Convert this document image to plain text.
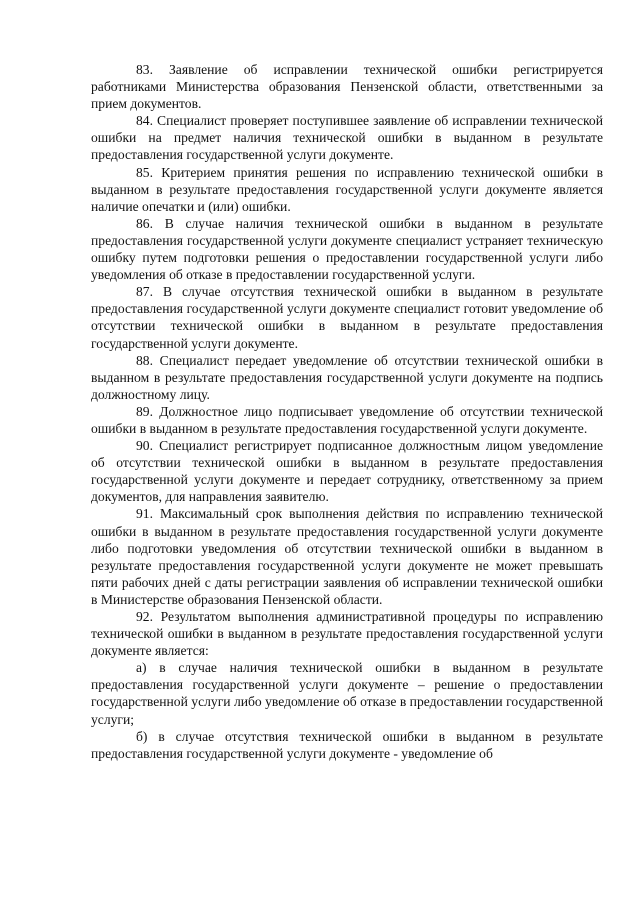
83. Заявление об исправлении технической ошибки регистрируется работниками Министерства образования Пензенской области, ответственными за прием документов.

84. Специалист проверяет поступившее заявление об исправлении технической ошибки на предмет наличия технической ошибки в выданном в результате предоставления государственной услуги документе.

85. Критерием принятия решения по исправлению технической ошибки в выданном в результате предоставления государственной услуги документе является наличие опечатки и (или) ошибки.

86. В случае наличия технической ошибки в выданном в результате предоставления государственной услуги документе специалист устраняет техническую ошибку путем подготовки решения о предоставлении государственной услуги либо уведомления об отказе в предоставлении государственной услуги.

87. В случае отсутствия технической ошибки в выданном в результате предоставления государственной услуги документе специалист готовит уведомление об отсутствии технической ошибки в выданном в результате предоставления государственной услуги документе.

88. Специалист передает уведомление об отсутствии технической ошибки в выданном в результате предоставления государственной услуги документе на подпись должностному лицу.

89. Должностное лицо подписывает уведомление об отсутствии технической ошибки в выданном в результате предоставления государственной услуги документе.

90. Специалист регистрирует подписанное должностным лицом уведомление об отсутствии технической ошибки в выданном в результате предоставления государственной услуги документе и передает сотруднику, ответственному за прием документов, для направления заявителю.

91. Максимальный срок выполнения действия по исправлению технической ошибки в выданном в результате предоставления государственной услуги документе либо подготовки уведомления об отсутствии технической ошибки в выданном в результате предоставления государственной услуги документе не может превышать пяти рабочих дней с даты регистрации заявления об исправлении технической ошибки в Министерстве образования Пензенской области.

92. Результатом выполнения административной процедуры по исправлению технической ошибки в выданном в результате предоставления государственной услуги документе является:

а) в случае наличия технической ошибки в выданном в результате предоставления государственной услуги документе – решение о предоставлении государственной услуги либо уведомление об отказе в предоставлении государственной услуги;

б) в случае отсутствия технической ошибки в выданном в результате предоставления государственной услуги документе - уведомление об
